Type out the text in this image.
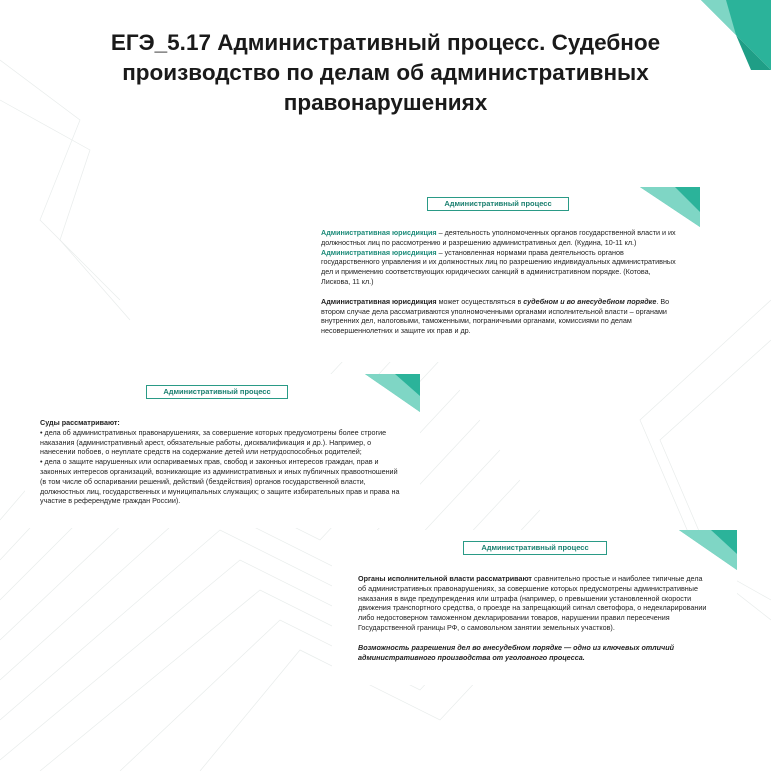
ЕГЭ_5.17 Административный процесс. Судебное производство по делам об административных правонарушениях
Административный процесс

Административная юрисдикция – деятельность уполномоченных органов государственной власти и их должностных лиц по рассмотрению и разрешению административных дел. (Кудина, 10-11 кл.)

Административная юрисдикция – установленная нормами права деятельность органов государственного управления и их должностных лиц по разрешению индивидуальных административных дел и применению соответствующих юридических санкций в административном порядке. (Котова, Лискова, 11 кл.)

Административная юрисдикция может осуществляться в судебном и во внесудебном порядке. Во втором случае дела рассматриваются уполномоченными органами исполнительной власти – органами внутренних дел, налоговыми, таможенными, пограничными органами, комиссиями по делам несовершеннолетних и защите их прав и др.

Административный процесс

Суды рассматривают:

• дела об административных правонарушениях, за совершение которых предусмотрены более строгие наказания (административный арест, обязательные работы, дисквалификация и др.). Например, о нанесении побоев, о неуплате средств на содержание детей или нетрудоспособных родителей;

• дела о защите нарушенных или оспариваемых прав, свобод и законных интересов граждан, прав и законных интересов организаций, возникающие из административных и иных публичных правоотношений (в том числе об оспаривании решений, действий (бездействия) органов государственной власти, должностных лиц, государственных и муниципальных служащих; о защите избирательных прав и права на участие в референдуме граждан России).

Административный процесс

Органы исполнительной власти рассматривают сравнительно простые и наиболее типичные дела об административных правонарушениях, за совершение которых предусмотрены административные наказания в виде предупреждения или штрафа (например, о превышении установленной скорости движения транспортного средства, о проезде на запрещающий сигнал светофора, о недекларировании либо недостоверном таможенном декларировании товаров, нарушении правил пересечения Государственной границы РФ, о самовольном занятии земельных участков).

Возможность разрешения дел во внесудебном порядке — одно из ключевых отличий административного производства от уголовного процесса.
